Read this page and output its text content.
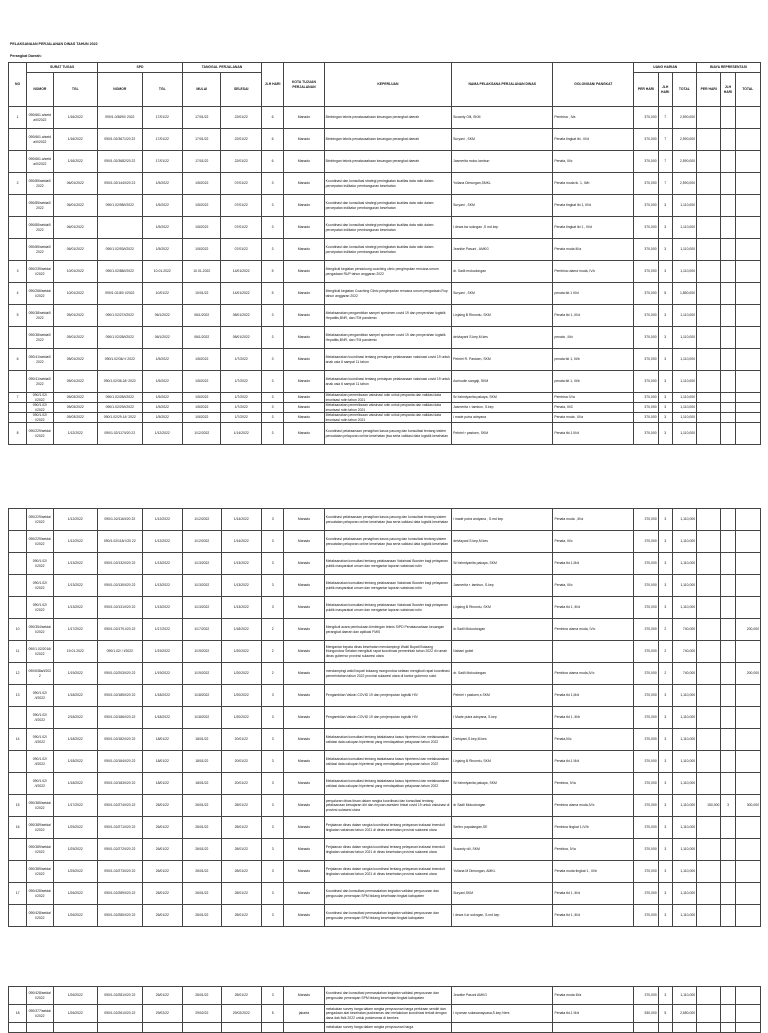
PELAKSANAAN PERJALANAN DINAS TAHUN 2022
Perangkat Daerah:
NO	SURAT TUGAS		SPD		TANGGAL PERJALANAN		JLH HARI	KOTA TUJUAN PERJALANAN	KEPERLUAN	NAMA PELAKSANA PERJALANAN DINAS	GOLONGAN/ PANGKAT	UANG HARIAN			BIAYA REPRESENTASI		
	NOMOR	TGL	NOMOR	TGL	MULAI	SELESAI						PER HARI	JLH HARI	TOTAL	PER HARI	JLH HARI	TOTAL
1	090/661.a/setda/II/2022	1/16/2022	090/1.0/3690/ 2022	17/01/22	17/01/22	22/01/22	6	Manado	Bimbingan teknis penatausahaan keuangan perangkat daerah	Susanty Olii, SKM	Pembina , IVa	370,000	7	2,590,000			
	090/661.a/setda/II/2022	1/16/2022	090/1.02/3671/20 22	17/01/22	17/01/22	22/01/22	6	Manado	Bimbingan teknis penatausahaan keuangan perangkat daerah	Suryani , SKM	Penata tingkat Ikt , III/d	370,000	7	2,590,000			
	090/661.a/setda/II/2022	1/16/2022	090/1.02/3682/20 22	17/01/22	17/01/22	22/01/22	6	Manado	Bimbingan teknis penatausahaan keuangan perangkat daerah	Jasmerita mobo lambun	Penata, III/c	370,000	7	2,590,000			
2	090/85/setda/I/2022	06/01/2022	090/1.02/144/I/20 22	1/5/2022	1/5/2022	07/01/22	3	Manado	Koordinasi dan konsultasi strategi peningkatan kualitas data ratio dalam percepatan indikator pembangunan kesehatan	Yuliana Dimungan,SMKL	Penata muda tk. 1, III/b	370,000	7	2,590,000			
	090/85/setda/I/2022	06/01/2022	090/1.02/98/I/2022	1/5/2022	1/5/2022	07/01/22	3	Manado	Koordinasi dan konsultasi strategi peningkatan kualitas data ratio dalam percepatan indikator pembangunan kesehatan	Suryani , SKM	Penata tingkat Ikt 1, III/d	370,000	3	1,110,000			
	090/85/setda/I/2022	06/01/2022		1/5/2022	1/5/2022	07/01/22	3	Manado	Koordinasi dan konsultasi strategi peningkatan kualitas data ratio dalam percepatan indikator pembangunan kesehatan	I dewa kw sukngan ,S md kep	Penata tingkat Ikt 1 , III/d	370,000	3	1,110,000			
	090/85/setda/I/2022	06/01/2022	090/1.02/93/I/2022	1/5/2022	1/5/2022	07/01/22	3	Manado	Koordinasi dan konsultasi strategi peningkatan kualitas data ratio dalam percepatan indikator pembangunan kesehatan	Jeanike Pasuni , AMKG	Penata muda III/a	370,000	3	1,110,000			
3	090/239/setda/I/2022	10/01/2022	090/1.02/88/I/2022	10.01.2022	10.01.2022	14/01/2022	5	Manado	Mengikuti kegiatan pendukung coaching clinic pengimputan rencana umum pengadaan RUP tahun anggaran 2022	dr. Sadli mokodongan	Pembina utama muda, IV/c	370,000	3	1,110,000			
4	090/266/setda/I/2022	10/01/2022	090/1.02.80/ I/2022	10/01/22	10/01/22	14/01/2022	5	Manado	Mengikuti kegiatan Coaching Clinic pengimputan rencana umum pengadaan Rup tahun anggaran 2022	Suryani , SKM	penata tkt.1 III/d	370,000	5	1,850,000			
5	090/38/setda/I/2022	05/01/2022	090/1.02/27/I/2022	06/1/2022	06/1/2022	08/01/2022	3	Manado	Melaksanakan pengambilan sampel spesimen covid 19 dan penyerahan logistik Hepatitis,BNR, dan ITM pandemic	Linjaing B Rinumiu, SKM	Penata tkt 1, III/d	370,000	3	1,110,000			
	090/38/setda/I/2022	05/01/2022	090/1.02/28/I/2022	06/1/2022	06/1/2022	08/01/2022	3	Manado	Melaksanakan pengambilan sampel spesimen covid 19 dan penyerahan logistik Hepatitis,BNR, dan ITM pandemic	delvlayani S.kep,M.kes	penata , III/c	370,000	3	1,110,000			
6	090/41/setda/I/2022	05/01/2022	090/1.02/36/ I/ 2022	1/5/2022	1/5/2022	1/7/2022	3	Manado	Melaksanakan koordinasi tentang persiapan pelaksanaan vaksinasi covid 19 untuk anak usia 6 sampai 11 tahun	Pebriel R. Pastoen, SKM	penata tkt 1, III/b	370,000	3	1,110,000			
	090/41/setda/I/2022	05/01/2022	090/1.02/36.2/I/ 2022	1/5/2022	1/5/2022	1/7/2022	3	Manado	Melaksanakan koordinasi tentang persiapan pelaksanaan vaksinasi covid 19 untuk anak usia 6 sampai 11 tahun	Asrinudin sangaji, SKM	penata tkt 1, III/b	370,000	3	1,110,000			
7	090/1.02/ I/2022	05/03/2022	090/1.02/28/I/2022	1/5/2022	1/5/2022	1/7/2022	3	Manado	Melaksanakan pemeriksaan vaksinasi rutin untuk pesparda dan validasi data imunisasi rutin tahun 2021	Sri fahmiyanita pakaya, SKM	Pembina IV/a	370,000	3	1,110,000			
	090/1.02/ I/2022	05/03/2022	090/1.02/29/I/2022	1/5/2022	1/5/2022	1/7/2022	3	Manado	Melaksanakan pemeriksaan vaksinasi rutin untuk pesparda dan validasi data imunisasi rutin tahun 2021	Jasmerita r. tambun, S.kep	Penata, III/C	370,000	3	1,110,000			
	090/1.02/ I/2022	05/03/2022	090/1.02/29.1/I/ 2022	1/5/2022	1/5/2022	1/7/2022	3	Manado	Melaksanakan pemeriksaan vaksinasi rutin untuk pesparda dan validasi data imunisasi rutin tahun 2021	i made putra adnyana	Penata muda , III/a	370,000	3	1,110,000			
8	090/229/setda/I/2022	1/12/2022	090/1.02/117/I/20 22	1/12/2022	1/12/2022	1/14/2022	3	Manado	Koordinasi pelaksanaan penagihan kasus pasung dan konsultasi tentang sistem pencatatan pelaporan online kesehatan jiwa serta validasi data logistik kesehatan	Pebriel r pastoen, SKM	Penata tkt.1 III/d	370,000	3	1,110,000			
	090/229/setda/I/2022	1/12/2022	090/1.02/116/I/20 22	1/12/2022	1/12/2022	1/14/2022	3	Manado	Koordinasi pelaksanaan penagihan kasus pasung dan konsultasi tentang sistem pencatatan pelaporan online kesehatan jiwa serta validasi data logistik kesehatan	i made putra andyana , S.md kep	Penata muda , III/a	370,000	3	1,110,000			
	090/229/setda/I/2022	1/12/2022	090/1.02/118/ I/20 22	1/12/2022	1/12/2022	1/14/2022	3	Manado	Koordinasi pelaksanaan penagihan kasus pasung dan konsultasi tentang sistem pencatatan pelaporan online kesehatan jiwa serta validasi data logistik kesehatan	delvlayani S.kep,M.kes	Penata, III/c	370,000	3	1,110,000			
	090/1.02/ I/2022	1/13/2022	090/1.02/132/I/20 22	1/13/2022	1/13/2022	1/13/2022	3	Manado	Melaksanakan konsultasi tentang pelaksanaan Vaksinasi Booster bagi pelayanan publik masyarakat umum dan mengantar laporan vaksinasi rutin	Sri fahmiyanita pakaya, SKM	Penata tkt 1,III/d	370,000	3	1,110,000			
	090/1.02/ I/2022	1/13/2022	090/1.02/130/I/20 22	1/13/2022	1/13/2022	1/13/2022	3	Manado	Melaksanakan konsultasi tentang pelaksanaan Vaksinasi Booster bagi pelayanan publik masyarakat umum dan mengantar laporan vaksinasi rutin	Jasmerita r. tambun, S.kep	Penata, III/c	370,000	3	1,110,000			
	090/1.02/ I/2022	1/13/2022	090/1.02/131/I/20 22	1/13/2022	1/13/2022	1/13/2022	3	Manado	Melaksanakan konsultasi tentang pelaksanaan Vaksinasi Booster bagi pelayanan publik masyarakat umum dan mengantar laporan vaksinasi rutin	Linjaing B Rinumiu, SKM	Penata tkt 1, III/d	370,000	3	1,110,000			
10	090/354/setda/I/2022	1/17/2022	090/1.02/179.I/20 22	1/17/2022	1/17/2022	1/18/2022	2	Manado	Mengikuti acara pembukaan bimbingan teknis SIPD Penatausahaan keuangan perangkat daerah dan aplikasi FMIS	dr.Sadli Mokodongan	Pembina utama muda, IV/c	370,000	2	740,000			200,000
11	090/1.02/2016/I/2022	19.01.2022	090/1.02/ / I/2022	1/19/2022	1/19/2022	1/20/2022	2	Manado	Mengantar kepala dinas kesehatan mendampingi Wakil Bupati Bolaang Mongondow Selatan mengikuti rapat koordinasi pemerintah tahun 2022 di rumah dinas gubernur provinsi sulawesi utara	Nabani gobel		370,000	2	740,000			
12	090/638a/I/2022	1/19/2022	090/1.02/203/I/20 22	1/19/2022	1/19/2022	1/20/2022	2	Manado	mendampingi wakil bupati bolaang mongondow selatan mengikuti rapat koordinasi pemerintahan tahun 2022 provinsi sulawesi utara di kantor gubernur sulut	dr. Sadli Mokodongan	Pembina utama muda,IV/c	370,000	2	740,000			200,000
13	090/1.02/ /I/2022	1/18/2022	090/1.02/185/I/20 22	1/18/2022	1/18/2022	1/20/2022	3	Manado	Pengambilan Vaksin COVID 19 dan penjemputan logistik HIV	Pebriel r pastoen,s SKM	Penata tkt 1,III/d	370,000	3	1,110,000			
	090/1.02/ /I/2022	2/18/2022	090/1.02/186/I/20 22	1/18/2022	1/18/2022	1/20/2022	3	Manado	Pengambilan Vaksin COVID 19 dan penjemputan logistik HIV	I Made putra adnyana, S.kep	Penata tkt 1, III/b	370,000	3	1,110,000			
14	090/1.02/ /I/2022	1/18/2022	090/1.02/182/I/20 22	18/01/22	18/01/22	20/01/22	3	Manado	Melaksanakan konsultasi tentang tatalaksana kasus hipertensi dan melaksanakan validasi data cakupan hipertensi yang mendapatkan pelayanan tahun 2022	Delviyani,S.kep,M.kes	Penata,III/c	370,000	3	1,110,000			
	090/1.02/ /I/2022	1/18/2022	090/1.02/184/I/20 22	18/01/22	18/01/22	20/01/22	3	Manado	Melaksanakan konsultasi tentang tatalaksana kasus hipertensi dan melaksanakan validasi data cakupan hipertensi yang mendapatkan pelayanan tahun 2022	Linjaing B Rinumiu, SKM	Penata tkt.1 III/d	370,000	3	1,110,000			
	090/1.02/ /I/2022	1/18/2022	090/1.02/183/I/20 22	18/01/22	18/01/22	20/01/22	3	Manado	Melaksanakan konsultasi tentang tatalaksana kasus hipertensi dan melaksanakan validasi data cakupan hipertensi yang mendapatkan pelayanan tahun 2022	Sri fahmiyanita pakaya, SKM	Pembina, IV/a	370,000	3	1,110,000			
15	090/385/setda/I/2022	1/17/2022	090/1.02/274/I/20 22	26/01/22	26/01/22	28/01/22	3	Manado	penyaluran dinas ibsan dalam rangka koordinasi dan konsultasi tentang pelaksanaan kewajaran diri dan rinyuan asesken tinkat covid 19 untuk vaksinasi di provinsi sulawesi utara	dr Sadli Mokodongan	Pembina utama muda,IV/c	370,000	3	1,110,000	150,000	3	300,000
16	090/389/setda/I/2022	1/25/2022	090/1.02/271/I/20 22	26/01/22	26/01/22	28/01/22	3	Manado	Perjalanan dinas dalam rangka koordinasi tentang pelayanan inaksasi imenduit tingkatan vaksinasi tahun 2021 di dinas kesehatan provinsi sulawesi utara	Sertiro papalangan,SE	Pembina tingkat 1,IV/b	370,000	3	1,110,000			
	090/389/setda/I/2022	1/25/2022	090/1.02/272/I/20 22	26/01/22	26/01/22	28/01/22	3	Manado	Perjalanan dinas dalam rangka koordinasi tentang pelayanan inaksasi imenduit tingkatan vaksinasi tahun 2021 di dinas kesehatan provinsi sulawesi utara	Susanty olii, SKM	Pembina, IV/a	370,000	3	1,110,000			
	090/389/setda/I/2022	1/25/2022	090/1.02/273/I/20 22	26/01/22	26/01/22	28/01/22	3	Manado	Perjalanan dinas dalam rangka koordinasi tentang pelayanan inaksasi imenduit tingkatan vaksinasi tahun 2021 di dinas kesehatan provinsi sulawesi utara	Yuliana M Dimungan, AMKL	Penata muda tingkat 1 , III/b	370,000	3	1,110,000			
17	090/428/setda/I/2022	1/26/2022	090/1.02/289/I/20 22	26/01/22	26/01/22	28/01/22	3	Manado	Koordinasi dan konsultasi permasalahan kegiatan validasi penyusunan dan pengusulan penerapan SPM bidang kesehatan tingkat kabupaten	Suryani,SKM	Penata tkt 1, III/d	370,000	3	1,110,000			
	090/428/setda/I/2022	1/26/2022	090/1.02/280/I/20 22	26/01/22	26/01/22	28/01/22	3	Manado	Koordinasi dan konsultasi permasalahan kegiatan validasi penyusunan dan pengusulan penerapan SPM bidang kesehatan tingkat kabupaten	I dewa ii.sr sukngan, S.md kep	Penata tkt 1, III/d	370,000	3	1,110,000			
	090/428/setda/I/2022	1/26/2022	090/1.02/281/I/20 22	26/01/22	26/01/22	28/01/22	3	Manado	Koordinasi dan konsultasi permasalahan kegiatan validasi penyusunan dan pengusulan penerapan SPM bidang kesehatan tingkat kabupaten	Jeanike Pasuni AMKG	Penata muda III/a	370,000	3	1,110,000			
18	090/377/setda/I/2022	1/26/2022	090/1.02/261/I/20 22	29/02/22	29/02/22	29/02/2022	5	jakarta	melakukan survey harga dalam rangka penyusunan harga perkiraan sendiri dan pengadaan alat kesehatan puskesmas dan melakukan koordinasi terkait dengan dana dak fisik 2022 untuk puskesmas di kemkes	I nyoman sukasanayuasa,S.kep Ners	Penata tkt.1 III/d	530,000	5	2,650,000			
									melakukan survey harga dalam rangka penyusunan harga								
